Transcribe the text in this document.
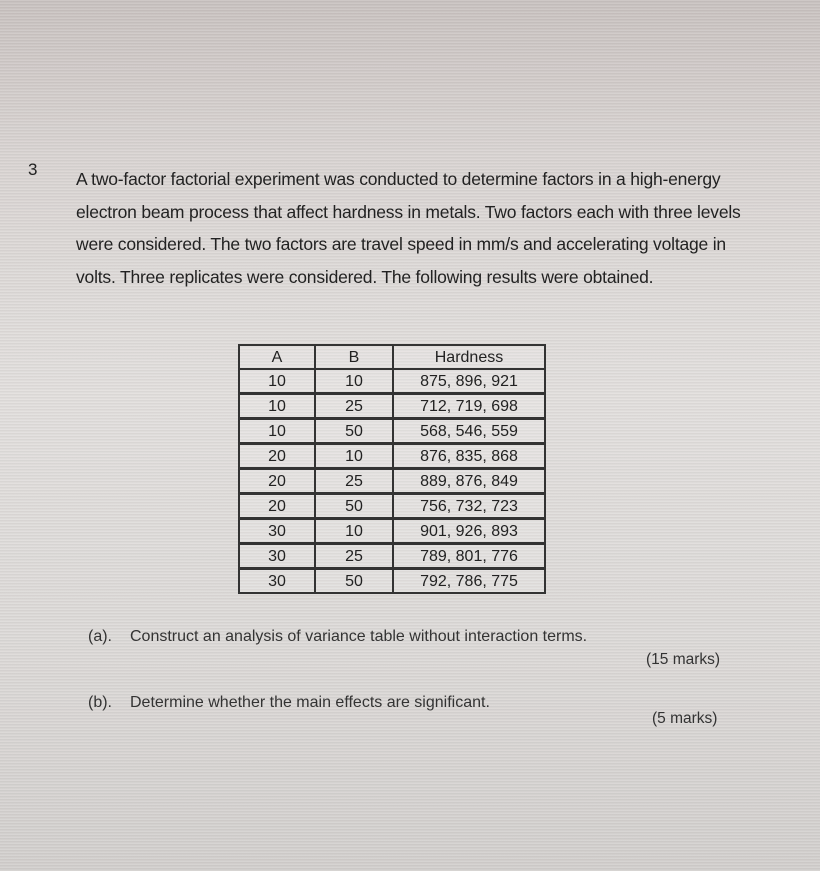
3 A two-factor factorial experiment was conducted to determine factors in a high-energy electron beam process that affect hardness in metals. Two factors each with three levels were considered. The two factors are travel speed in mm/s and accelerating voltage in volts. Three replicates were considered. The following results were obtained.

A	B	Hardness
10	10	875, 896, 921
10	25	712, 719, 698
10	50	568, 546, 559
20	10	876, 835, 868
20	25	889, 876, 849
20	50	756, 732, 723
30	10	901, 926, 893
30	25	789, 801, 776
30	50	792, 786, 775
(a). Construct an analysis of variance table without interaction terms.
(15 marks)
(b). Determine whether the main effects are significant.
(5 marks)
